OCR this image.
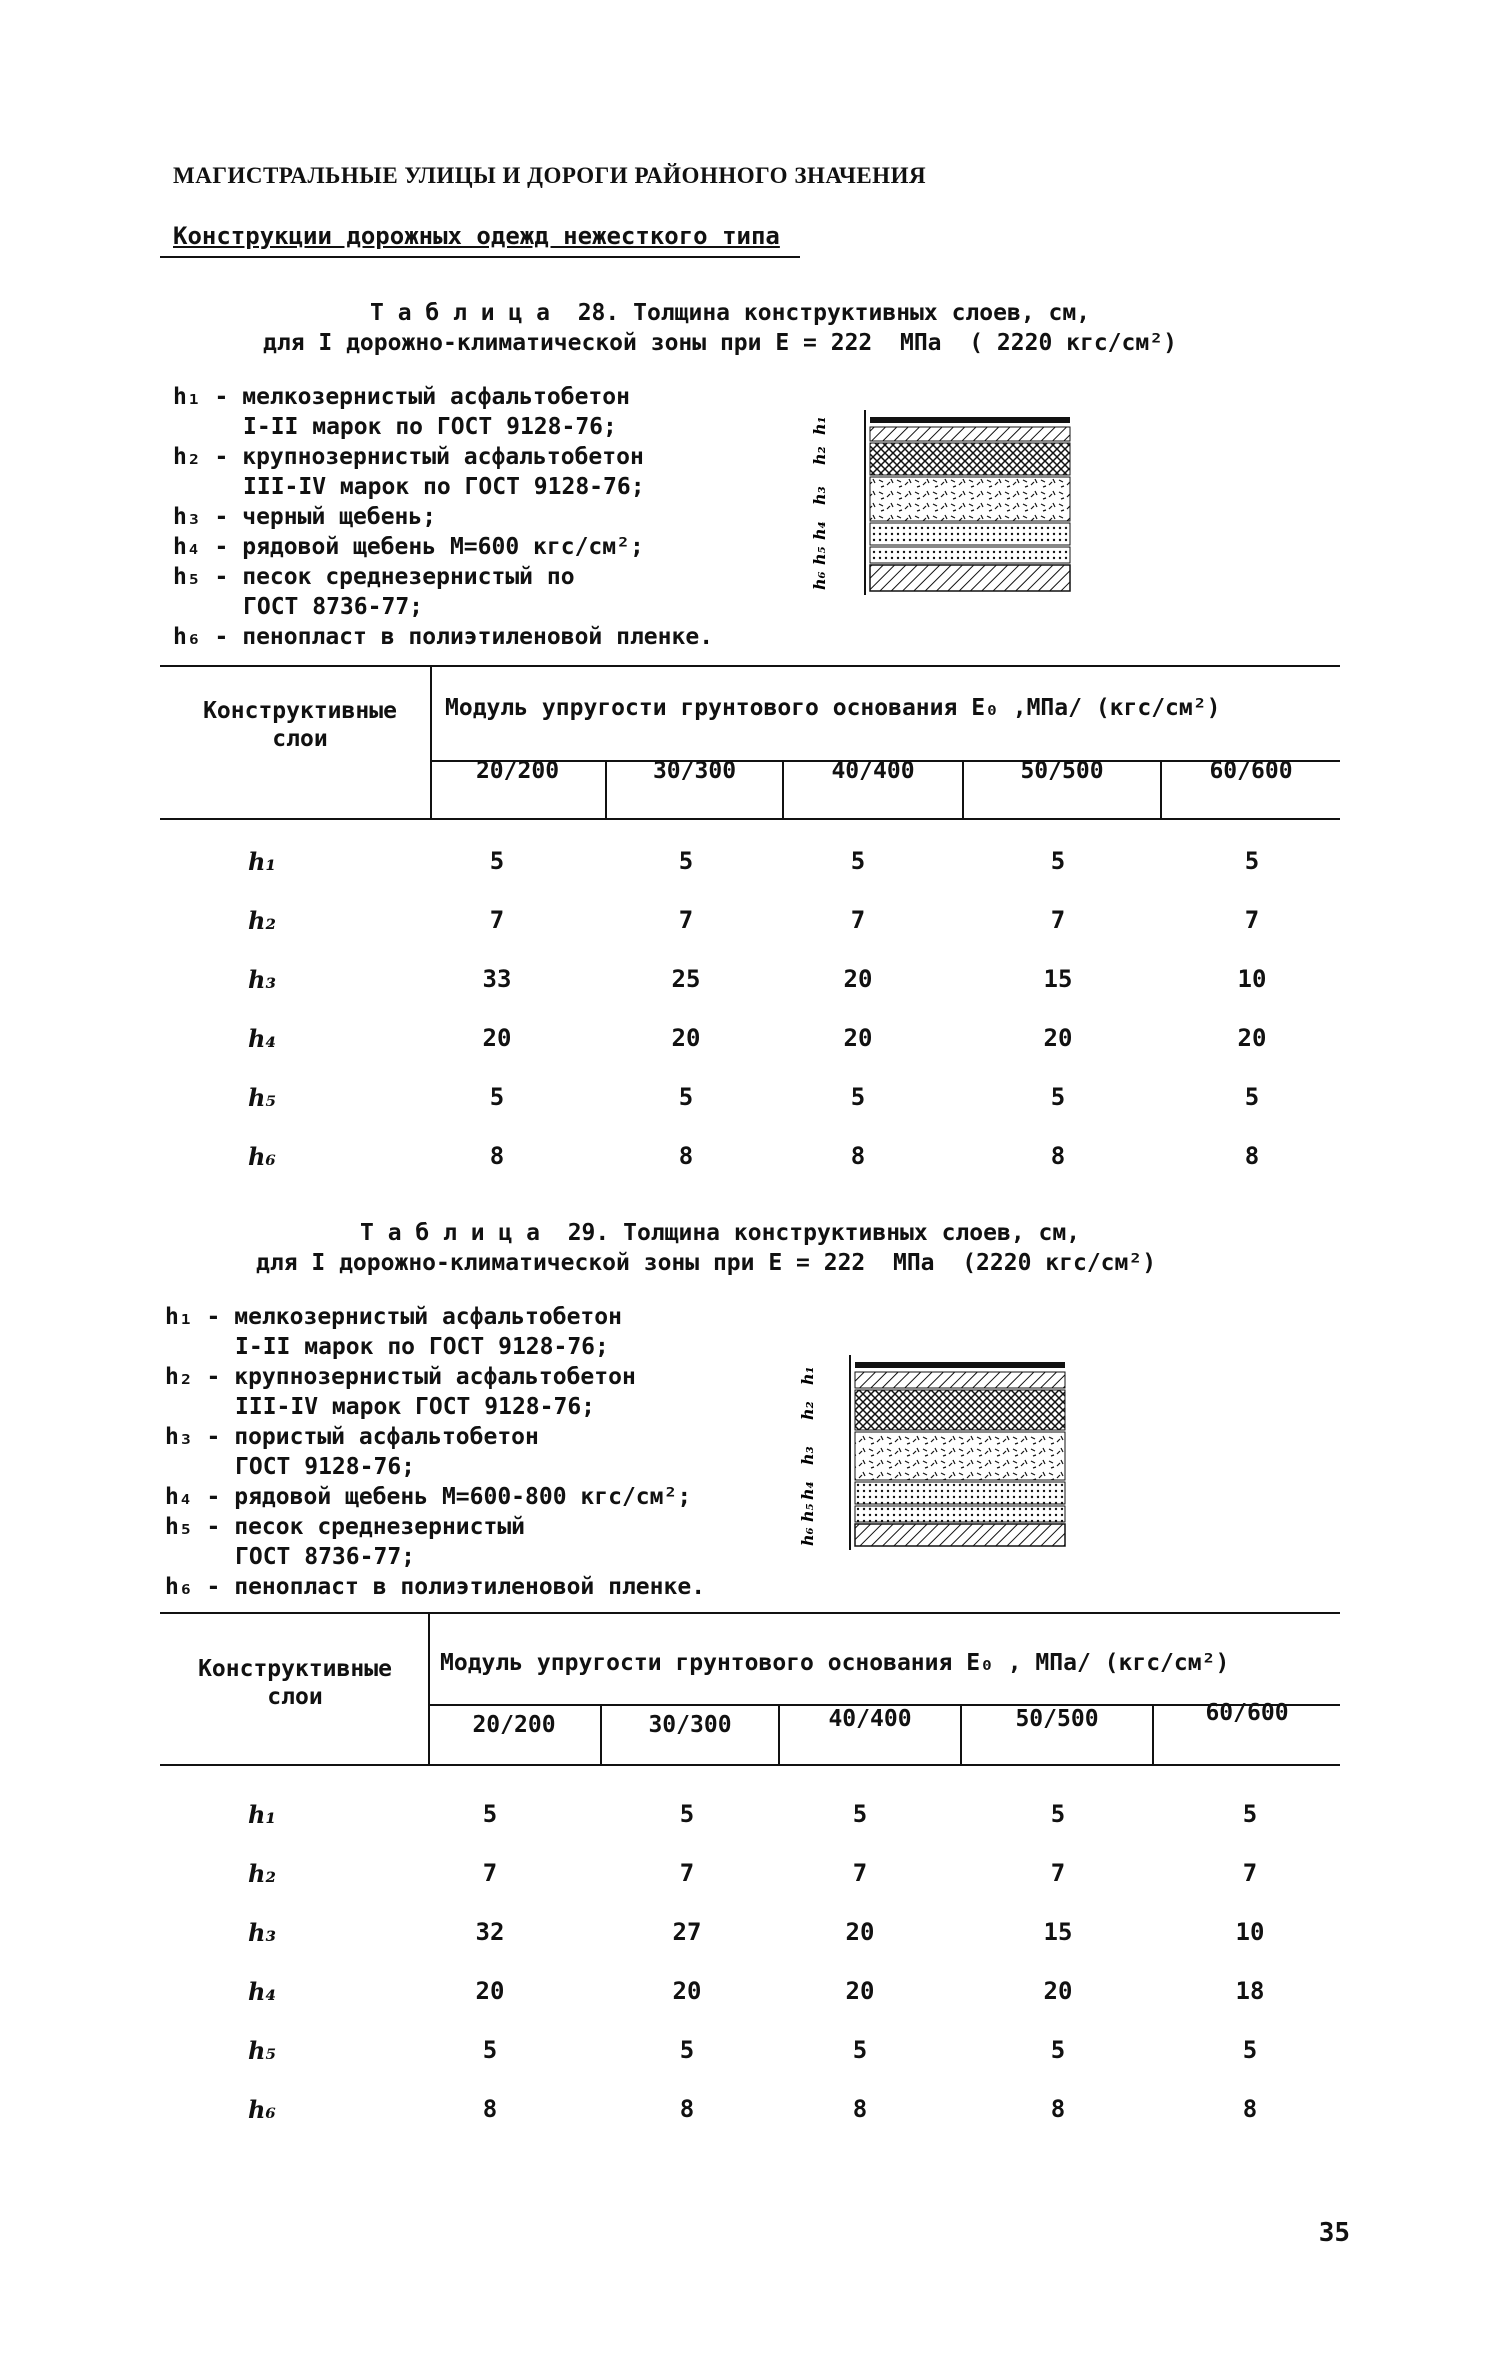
МАГИСТРАЛЬНЫЕ УЛИЦЫ И ДОРОГИ РАЙОННОГО ЗНАЧЕНИЯ
Конструкции дорожных одежд нежесткого типа
Т а б л и ц а  28. Толщина конструктивных слоев, см,
для I дорожно-климатической зоны при E = 222  МПа  ( 2220 кгс/см²)
h₁ - мелкозернистый асфальтобетон
I-II марок по ГОСТ 9128-76;
h₂ - крупнозернистый асфальтобетон
III-IV марок по ГОСТ 9128-76;
h₃ - черный щебень;
h₄ - рядовой щебень М=600 кгс/см²;
h₅ - песок среднезернистый по
ГОСТ 8736-77;
h₆ - пенопласт в полиэтиленовой пленке.
h₁
h₂
h₃
h₄
h₅
h₆
Конструктивные слои
Модуль упругости грунтового основания E₀ ,МПа/ (кгс/см²)
20/200	30/300	40/400	50/500	60/600
h₁	5	5	5	5	5
h₂	7	7	7	7	7
h₃	33	25	20	15	10
h₄	20	20	20	20	20
h₅	5	5	5	5	5
h₆	8	8	8	8	8
Т а б л и ц а  29. Толщина конструктивных слоев, см,
для I дорожно-климатической зоны при E = 222  МПа  (2220 кгс/см²)
h₁ - мелкозернистый асфальтобетон
I-II марок по ГОСТ 9128-76;
h₂ - крупнозернистый асфальтобетон
III-IV марок ГОСТ 9128-76;
h₃ - пористый асфальтобетон
ГОСТ 9128-76;
h₄ - рядовой щебень М=600-800 кгс/см²;
h₅ - песок среднезернистый
ГОСТ 8736-77;
h₆ - пенопласт в полиэтиленовой пленке.
h₁
h₂
h₃
h₄
h₅
h₆
Конструктивные слои
Модуль упругости грунтового основания E₀ , МПа/ (кгс/см²)
20/200	30/300	40/400	50/500	60/600
h₁	5	5	5	5	5
h₂	7	7	7	7	7
h₃	32	27	20	15	10
h₄	20	20	20	20	18
h₅	5	5	5	5	5
h₆	8	8	8	8	8
35
